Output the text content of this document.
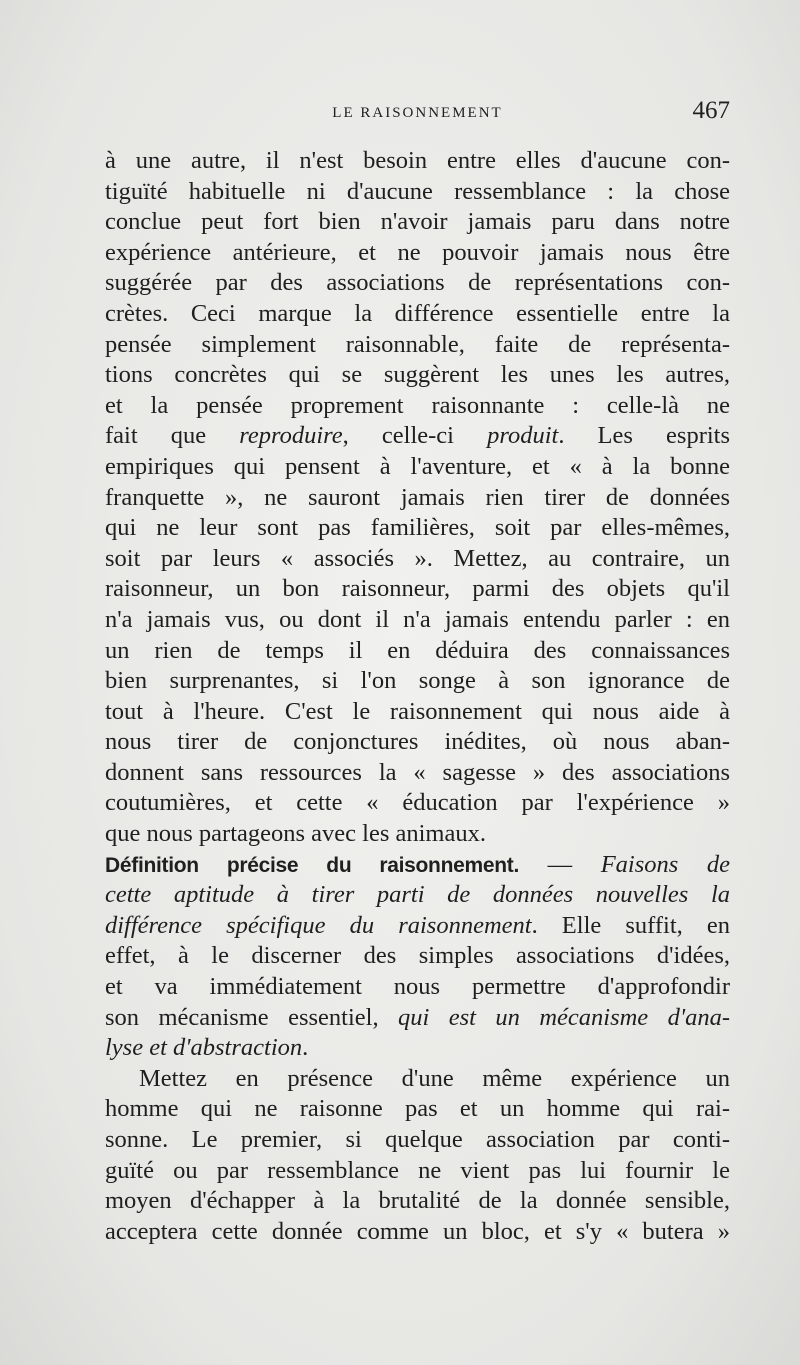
LE RAISONNEMENT	467
à une autre, il n'est besoin entre elles d'aucune con-
tiguïté habituelle ni d'aucune ressemblance : la chose
conclue peut fort bien n'avoir jamais paru dans notre
expérience antérieure, et ne pouvoir jamais nous être
suggérée par des associations de représentations con-
crètes. Ceci marque la différence essentielle entre la
pensée simplement raisonnable, faite de représenta-
tions concrètes qui se suggèrent les unes les autres,
et la pensée proprement raisonnante : celle-là ne
fait que reproduire, celle-ci produit. Les esprits
empiriques qui pensent à l'aventure, et « à la bonne
franquette », ne sauront jamais rien tirer de données
qui ne leur sont pas familières, soit par elles-mêmes,
soit par leurs « associés ». Mettez, au contraire, un
raisonneur, un bon raisonneur, parmi des objets qu'il
n'a jamais vus, ou dont il n'a jamais entendu parler : en
un rien de temps il en déduira des connaissances
bien surprenantes, si l'on songe à son ignorance de
tout à l'heure. C'est le raisonnement qui nous aide à
nous tirer de conjonctures inédites, où nous aban-
donnent sans ressources la « sagesse » des associations
coutumières, et cette « éducation par l'expérience »
que nous partageons avec les animaux.
Définition précise du raisonnement. — Faisons de
cette aptitude à tirer parti de données nouvelles la
différence spécifique du raisonnement. Elle suffit, en
effet, à le discerner des simples associations d'idées,
et va immédiatement nous permettre d'approfondir
son mécanisme essentiel, qui est un mécanisme d'ana-
lyse et d'abstraction.
Mettez en présence d'une même expérience un
homme qui ne raisonne pas et un homme qui rai-
sonne. Le premier, si quelque association par conti-
guïté ou par ressemblance ne vient pas lui fournir le
moyen d'échapper à la brutalité de la donnée sensible,
acceptera cette donnée comme un bloc, et s'y « butera »
